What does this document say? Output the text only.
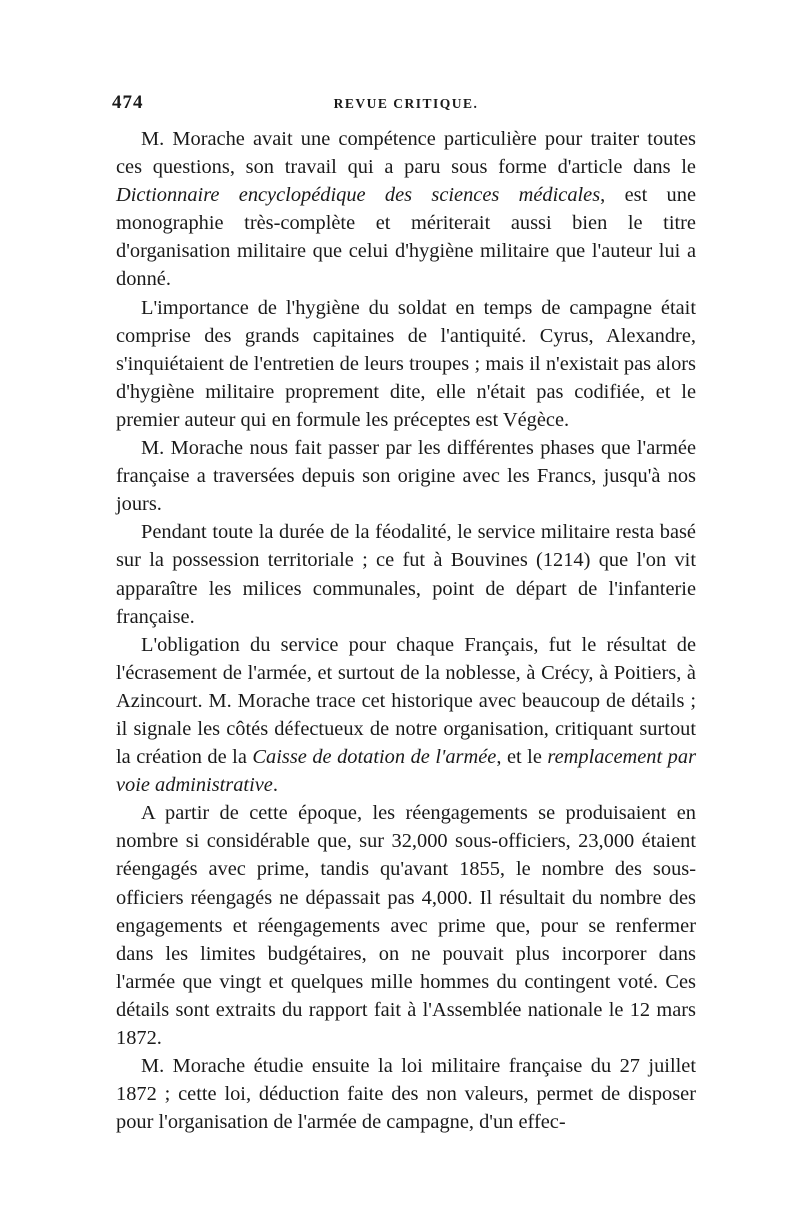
474	REVUE CRITIQUE.

M. Morache avait une compétence particulière pour traiter toutes ces questions, son travail qui a paru sous forme d'article dans le Dictionnaire encyclopédique des sciences médicales, est une monographie très-complète et mériterait aussi bien le titre d'organisation militaire que celui d'hygiène militaire que l'auteur lui a donné.

L'importance de l'hygiène du soldat en temps de campagne était comprise des grands capitaines de l'antiquité. Cyrus, Alexandre, s'inquiétaient de l'entretien de leurs troupes ; mais il n'existait pas alors d'hygiène militaire proprement dite, elle n'était pas codifiée, et le premier auteur qui en formule les préceptes est Végèce.

M. Morache nous fait passer par les différentes phases que l'armée française a traversées depuis son origine avec les Francs, jusqu'à nos jours.

Pendant toute la durée de la féodalité, le service militaire resta basé sur la possession territoriale ; ce fut à Bouvines (1214) que l'on vit apparaître les milices communales, point de départ de l'infanterie française.

L'obligation du service pour chaque Français, fut le résultat de l'écrasement de l'armée, et surtout de la noblesse, à Crécy, à Poitiers, à Azincourt. M. Morache trace cet historique avec beaucoup de détails ; il signale les côtés défectueux de notre organisation, critiquant surtout la création de la Caisse de dotation de l'armée, et le remplacement par voie administrative.

A partir de cette époque, les réengagements se produisaient en nombre si considérable que, sur 32,000 sous-officiers, 23,000 étaient réengagés avec prime, tandis qu'avant 1855, le nombre des sous-officiers réengagés ne dépassait pas 4,000. Il résultait du nombre des engagements et réengagements avec prime que, pour se renfermer dans les limites budgétaires, on ne pouvait plus incorporer dans l'armée que vingt et quelques mille hommes du contingent voté. Ces détails sont extraits du rapport fait à l'Assemblée nationale le 12 mars 1872.

M. Morache étudie ensuite la loi militaire française du 27 juillet 1872 ; cette loi, déduction faite des non valeurs, permet de disposer pour l'organisation de l'armée de campagne, d'un effec-
